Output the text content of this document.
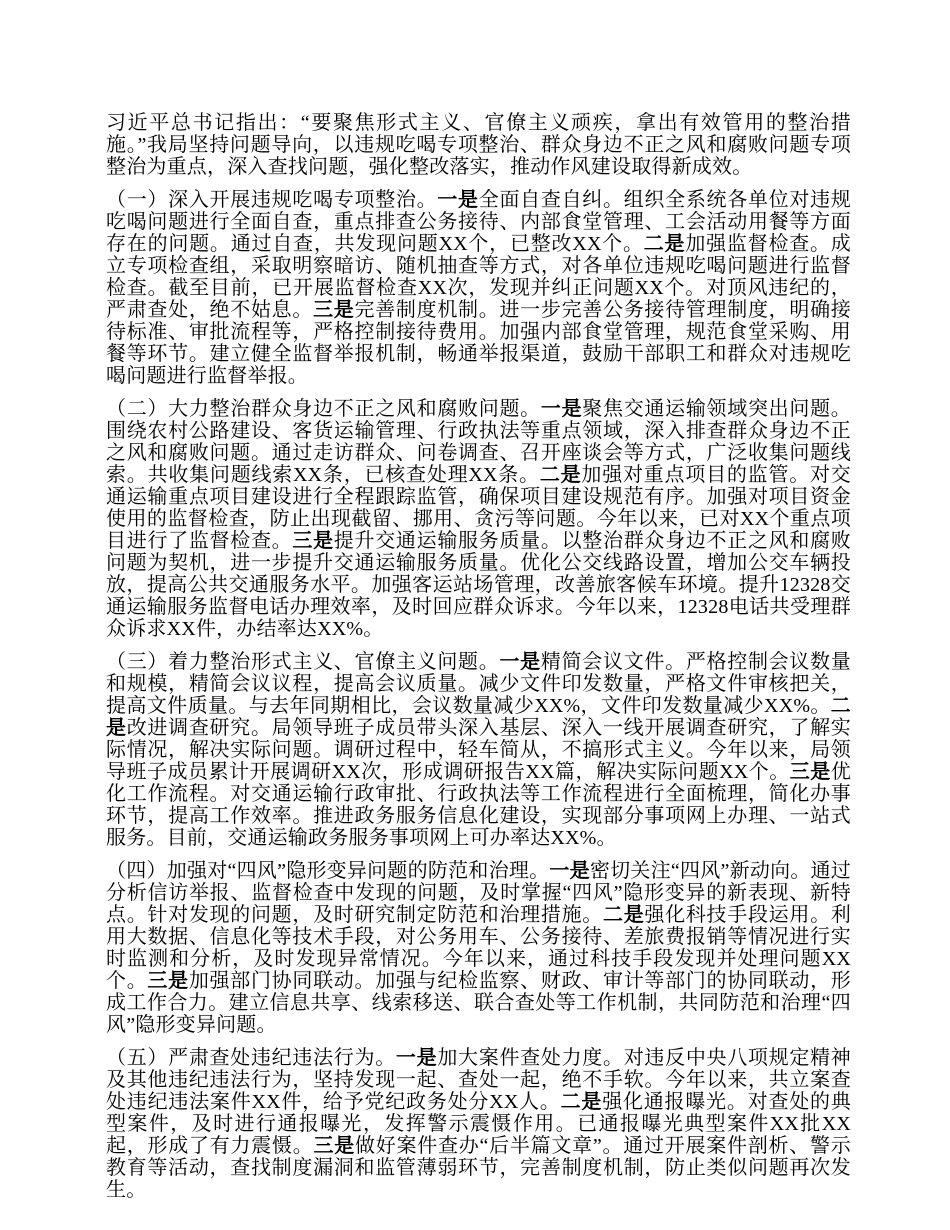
习近平总书记指出：“要聚焦形式主义、官僚主义顽疾，拿出有效管用的整治措施。”我局坚持问题导向，以违规吃喝专项整治、群众身边不正之风和腐败问题专项整治为重点，深入查找问题，强化整改落实，推动作风建设取得新成效。

（一）深入开展违规吃喝专项整治。一是全面自查自纠。组织全系统各单位对违规吃喝问题进行全面自查，重点排查公务接待、内部食堂管理、工会活动用餐等方面存在的问题。通过自查，共发现问题XX个，已整改XX个。二是加强监督检查。成立专项检查组，采取明察暗访、随机抽查等方式，对各单位违规吃喝问题进行监督检查。截至目前，已开展监督检查XX次，发现并纠正问题XX个。对顶风违纪的，严肃查处，绝不姑息。三是完善制度机制。进一步完善公务接待管理制度，明确接待标准、审批流程等，严格控制接待费用。加强内部食堂管理，规范食堂采购、用餐等环节。建立健全监督举报机制，畅通举报渠道，鼓励干部职工和群众对违规吃喝问题进行监督举报。

（二）大力整治群众身边不正之风和腐败问题。一是聚焦交通运输领域突出问题。围绕农村公路建设、客货运输管理、行政执法等重点领域，深入排查群众身边不正之风和腐败问题。通过走访群众、问卷调查、召开座谈会等方式，广泛收集问题线索。共收集问题线索XX条，已核查处理XX条。二是加强对重点项目的监管。对交通运输重点项目建设进行全程跟踪监管，确保项目建设规范有序。加强对项目资金使用的监督检查，防止出现截留、挪用、贪污等问题。今年以来，已对XX个重点项目进行了监督检查。三是提升交通运输服务质量。以整治群众身边不正之风和腐败问题为契机，进一步提升交通运输服务质量。优化公交线路设置，增加公交车辆投放，提高公共交通服务水平。加强客运站场管理，改善旅客候车环境。提升12328交通运输服务监督电话办理效率，及时回应群众诉求。今年以来，12328电话共受理群众诉求XX件，办结率达XX%。

（三）着力整治形式主义、官僚主义问题。一是精简会议文件。严格控制会议数量和规模，精简会议议程，提高会议质量。减少文件印发数量，严格文件审核把关，提高文件质量。与去年同期相比，会议数量减少XX%，文件印发数量减少XX%。二是改进调查研究。局领导班子成员带头深入基层、深入一线开展调查研究，了解实际情况，解决实际问题。调研过程中，轻车简从，不搞形式主义。今年以来，局领导班子成员累计开展调研XX次，形成调研报告XX篇，解决实际问题XX个。三是优化工作流程。对交通运输行政审批、行政执法等工作流程进行全面梳理，简化办事环节，提高工作效率。推进政务服务信息化建设，实现部分事项网上办理、一站式服务。目前，交通运输政务服务事项网上可办率达XX%。

（四）加强对“四风”隐形变异问题的防范和治理。一是密切关注“四风”新动向。通过分析信访举报、监督检查中发现的问题，及时掌握“四风”隐形变异的新表现、新特点。针对发现的问题，及时研究制定防范和治理措施。二是强化科技手段运用。利用大数据、信息化等技术手段，对公务用车、公务接待、差旅费报销等情况进行实时监测和分析，及时发现异常情况。今年以来，通过科技手段发现并处理问题XX个。三是加强部门协同联动。加强与纪检监察、财政、审计等部门的协同联动，形成工作合力。建立信息共享、线索移送、联合查处等工作机制，共同防范和治理“四风”隐形变异问题。

（五）严肃查处违纪违法行为。一是加大案件查处力度。对违反中央八项规定精神及其他违纪违法行为，坚持发现一起、查处一起，绝不手软。今年以来，共立案查处违纪违法案件XX件，给予党纪政务处分XX人。二是强化通报曝光。对查处的典型案件，及时进行通报曝光，发挥警示震慑作用。已通报曝光典型案件XX批XX起，形成了有力震慑。三是做好案件查办“后半篇文章”。通过开展案件剖析、警示教育等活动，查找制度漏洞和监管薄弱环节，完善制度机制，防止类似问题再次发生。
